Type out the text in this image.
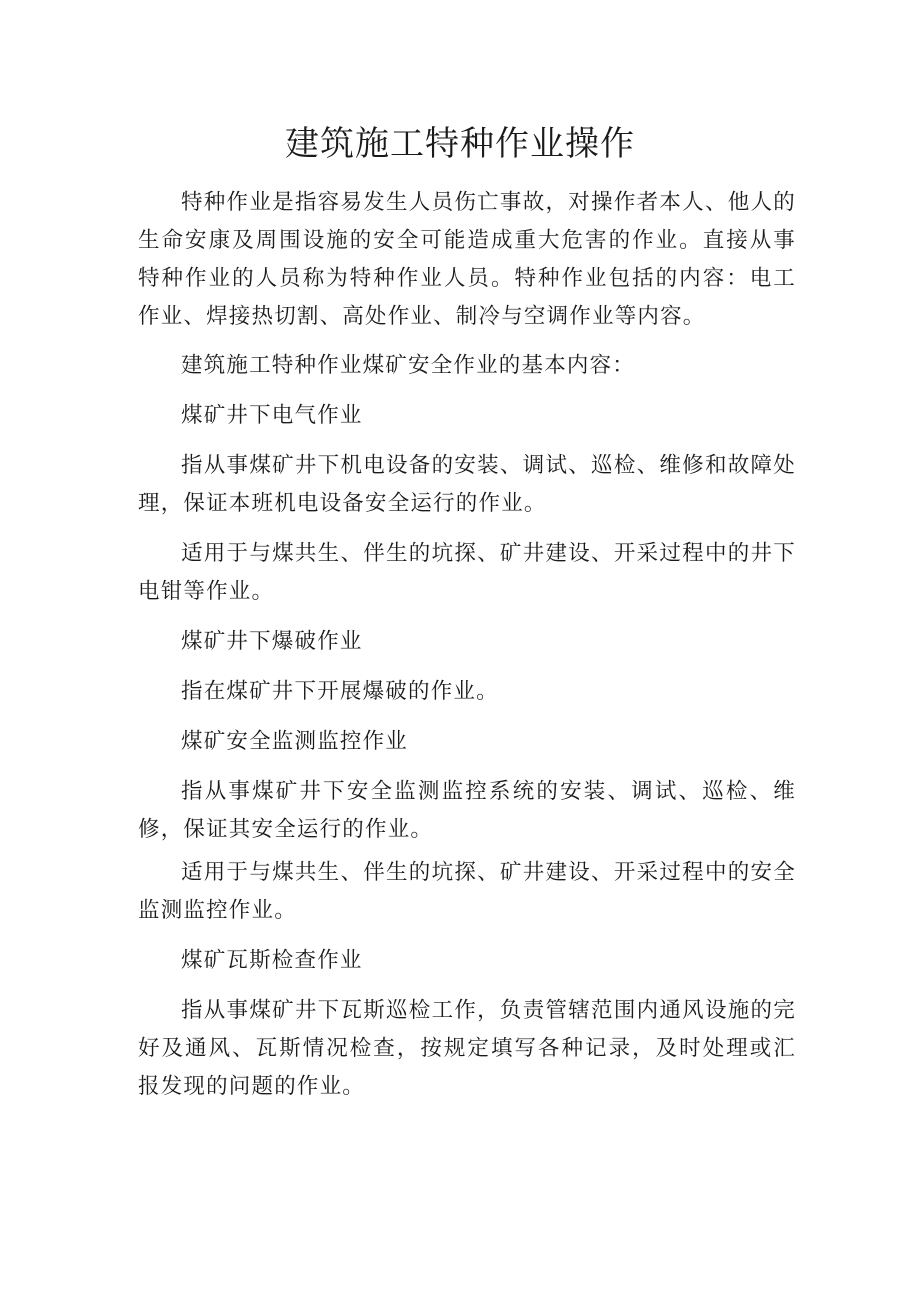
建筑施工特种作业操作

特种作业是指容易发生人员伤亡事故，对操作者本人、他人的生命安康及周围设施的安全可能造成重大危害的作业。直接从事特种作业的人员称为特种作业人员。特种作业包括的内容：电工作业、焊接热切割、高处作业、制冷与空调作业等内容。

建筑施工特种作业煤矿安全作业的基本内容：

煤矿井下电气作业

指从事煤矿井下机电设备的安装、调试、巡检、维修和故障处理，保证本班机电设备安全运行的作业。

适用于与煤共生、伴生的坑探、矿井建设、开采过程中的井下电钳等作业。

煤矿井下爆破作业

指在煤矿井下开展爆破的作业。

煤矿安全监测监控作业

指从事煤矿井下安全监测监控系统的安装、调试、巡检、维修，保证其安全运行的作业。

适用于与煤共生、伴生的坑探、矿井建设、开采过程中的安全监测监控作业。

煤矿瓦斯检查作业

指从事煤矿井下瓦斯巡检工作，负责管辖范围内通风设施的完好及通风、瓦斯情况检查，按规定填写各种记录，及时处理或汇报发现的问题的作业。
